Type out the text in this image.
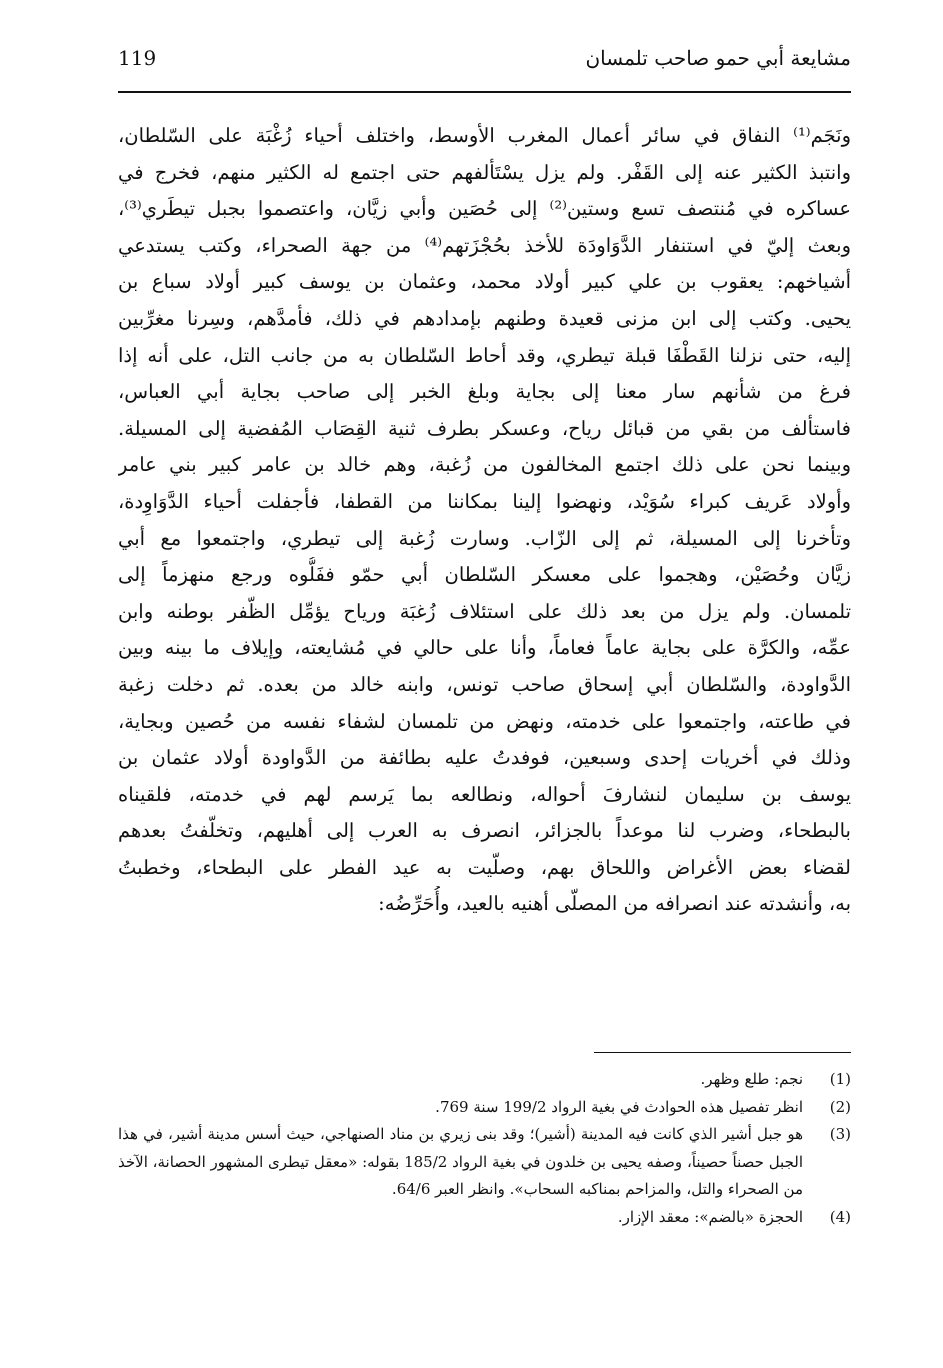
119	مشايعة أبي حمو صاحب تلمسان
ونَجَم⁽¹⁾ النفاق في سائر أعمال المغرب الأوسط، واختلف أحياء زُغْبَة على السّلطان،
وانتبذ الكثير عنه إلى القَفْر. ولم يزل يسْتَألفهم حتى اجتمع له الكثير منهم، فخرج في
عساكره في مُنتصف تسع وستين⁽²⁾ إلى حُصَين وأبي زيَّان، واعتصموا بجبل تيطَري⁽³⁾،
وبعث إليّ في استنفار الدَّوَاودَة للأخذ بحُجْزَتهم⁽⁴⁾ من جهة الصحراء، وكتب يستدعي
أشياخهم: يعقوب بن علي كبير أولاد محمد، وعثمان بن يوسف كبير أولاد سباع بن
يحيى. وكتب إلى ابن مزنى قعيدة وطنهم بإمدادهم في ذلك، فأمدَّهم، وسِرنا مغرِّبين
إليه، حتى نزلنا القَطْفَا قبلة تيطري، وقد أحاط السّلطان به من جانب التل، على أنه إذا
فرغ من شأنهم سار معنا إلى بجاية وبلغ الخبر إلى صاحب بجاية أبي العباس،
فاستألف من بقي من قبائل رياح، وعسكر بطرف ثنية القِصَاب المُفضية إلى المسيلة.
وبينما نحن على ذلك اجتمع المخالفون من زُغبة، وهم خالد بن عامر كبير بني عامر
وأولاد عَريف كبراء سُوَيْد، ونهضوا إلينا بمكاننا من القطفا، فأجفلت أحياء الدَّوَاوِدة،
وتأخرنا إلى المسيلة، ثم إلى الزّاب. وسارت زُغبة إلى تيطري، واجتمعوا مع أبي
زيَّان وحُصَيْن، وهجموا على معسكر السّلطان أبي حمّو ففَلُّوه ورجع منهزماً إلى
تلمسان. ولم يزل من بعد ذلك على استئلاف زُغبَة ورياح يؤمِّل الظّفر بوطنه وابن
عمِّه، والكرَّة على بجاية عاماً فعاماً، وأنا على حالي في مُشايعته، وإيلاف ما بينه وبين
الدَّواودة، والسّلطان أبي إسحاق صاحب تونس، وابنه خالد من بعده. ثم دخلت زغبة
في طاعته، واجتمعوا على خدمته، ونهض من تلمسان لشفاء نفسه من حُصين وبجاية،
وذلك في أخريات إحدى وسبعين، فوفدتُ عليه بطائفة من الدَّواودة أولاد عثمان بن
يوسف بن سليمان لنشارفَ أحواله، ونطالعه بما يَرسم لهم في خدمته، فلقيناه
بالبطحاء، وضرب لنا موعداً بالجزائر، انصرف به العرب إلى أهليهم، وتخلّفتُ بعدهم
لقضاء بعض الأغراض واللحاق بهم، وصلّيت به عيد الفطر على البطحاء، وخطبتُ
به، وأنشدته عند انصرافه من المصلّى أهنيه بالعيد، وأُحَرِّضُه:
(1)
نجم: طلع وظهر.
(2)
انظر تفصيل هذه الحوادث في بغية الرواد 199/2 سنة 769.
(3)
هو جبل أشير الذي كانت فيه المدينة (أشير)؛ وقد بنى زيري بن مناد الصنهاجي، حيث أسس مدينة أشير، في هذا الجبل حصناً حصيناً، وصفه يحيى بن خلدون في بغية الرواد 185/2 بقوله: «معقل تيطرى المشهور الحصانة، الآخذ من الصحراء والتل، والمزاحم بمناكبه السحاب». وانظر العبر 64/6.
(4)
الحجزة «بالضم»: معقد الإزار.
